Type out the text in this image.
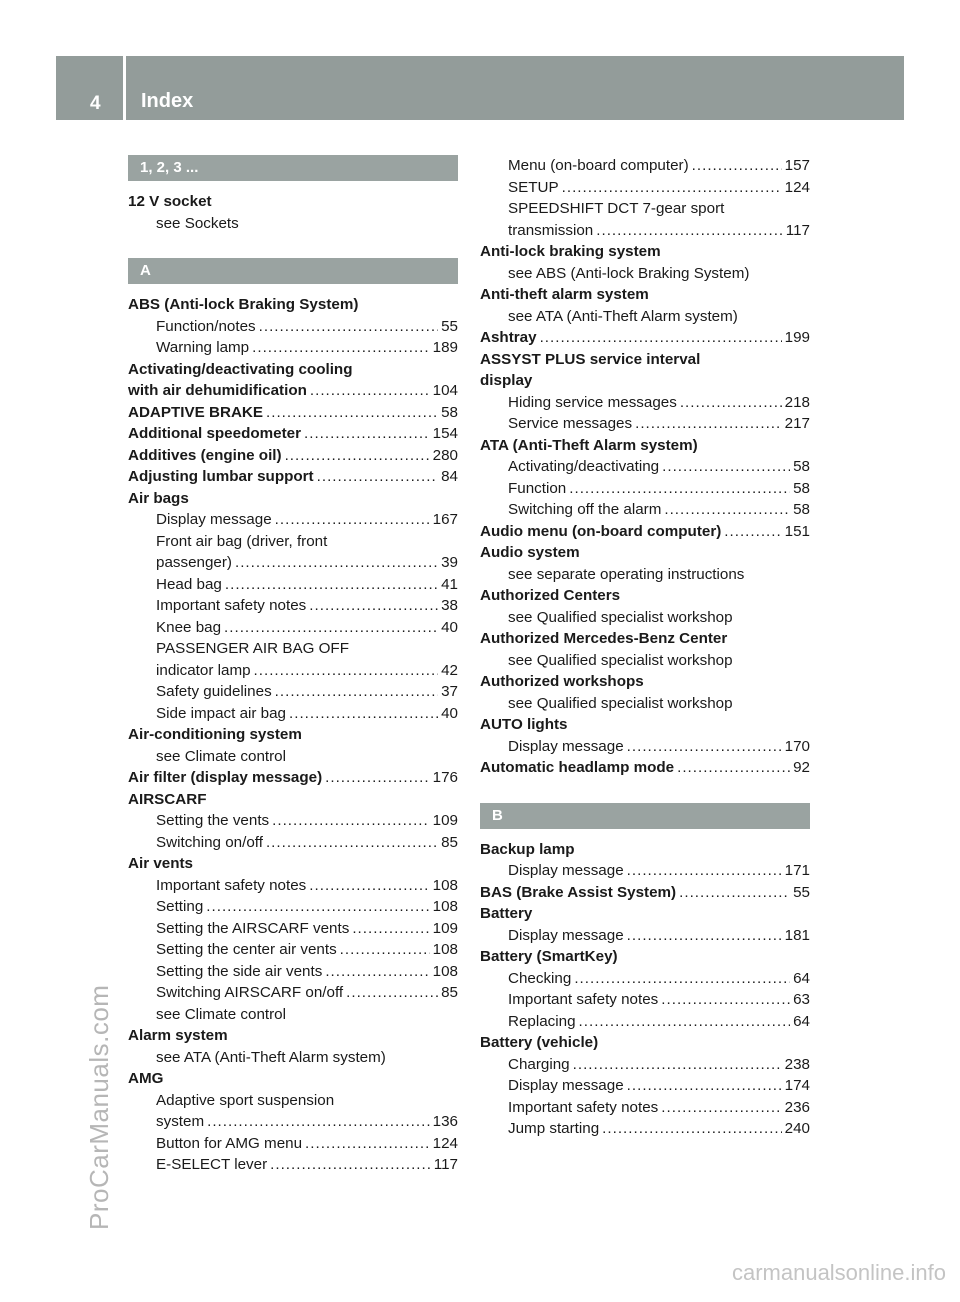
4 Index
1, 2, 3 ...
12 V socket
see Sockets
A
ABS (Anti-lock Braking System)
Function/notes .....	55
Warning lamp .....	189
Activating/deactivating cooling
with air dehumidification .....	104
ADAPTIVE BRAKE .....	58
Additional speedometer .....	154
Additives (engine oil) .....	280
Adjusting lumbar support .....	84
Air bags
Display message .....	167
Front air bag (driver, front
passenger) .....	39
Head bag .....	41
Important safety notes .....	38
Knee bag .....	40
PASSENGER AIR BAG OFF
indicator lamp .....	42
Safety guidelines .....	37
Side impact air bag .....	40
Air-conditioning system
see Climate control
Air filter (display message) .....	176
AIRSCARF
Setting the vents .....	109
Switching on/off .....	85
Air vents
Important safety notes .....	108
Setting .....	108
Setting the AIRSCARF vents .....	109
Setting the center air vents .....	108
Setting the side air vents .....	108
Switching AIRSCARF on/off .....	85
see Climate control
Alarm system
see ATA (Anti-Theft Alarm system)
AMG
Adaptive sport suspension
system .....	136
Button for AMG menu .....	124
E-SELECT lever .....	117
Menu (on-board computer) .....	157
SETUP .....	124
SPEEDSHIFT DCT 7-gear sport
transmission .....	117
Anti-lock braking system
see ABS (Anti-lock Braking System)
Anti-theft alarm system
see ATA (Anti-Theft Alarm system)
Ashtray .....	199
ASSYST PLUS service interval
display
Hiding service messages .....	218
Service messages .....	217
ATA (Anti-Theft Alarm system)
Activating/deactivating .....	58
Function .....	58
Switching off the alarm .....	58
Audio menu (on-board computer) .....	151
Audio system
see separate operating instructions
Authorized Centers
see Qualified specialist workshop
Authorized Mercedes-Benz Center
see Qualified specialist workshop
Authorized workshops
see Qualified specialist workshop
AUTO lights
Display message .....	170
Automatic headlamp mode .....	92
B
Backup lamp
Display message .....	171
BAS (Brake Assist System) .....	55
Battery
Display message .....	181
Battery (SmartKey)
Checking .....	64
Important safety notes .....	63
Replacing .....	64
Battery (vehicle)
Charging .....	238
Display message .....	174
Important safety notes .....	236
Jump starting .....	240
ProCarManuals.com
carmanualsonline.info
